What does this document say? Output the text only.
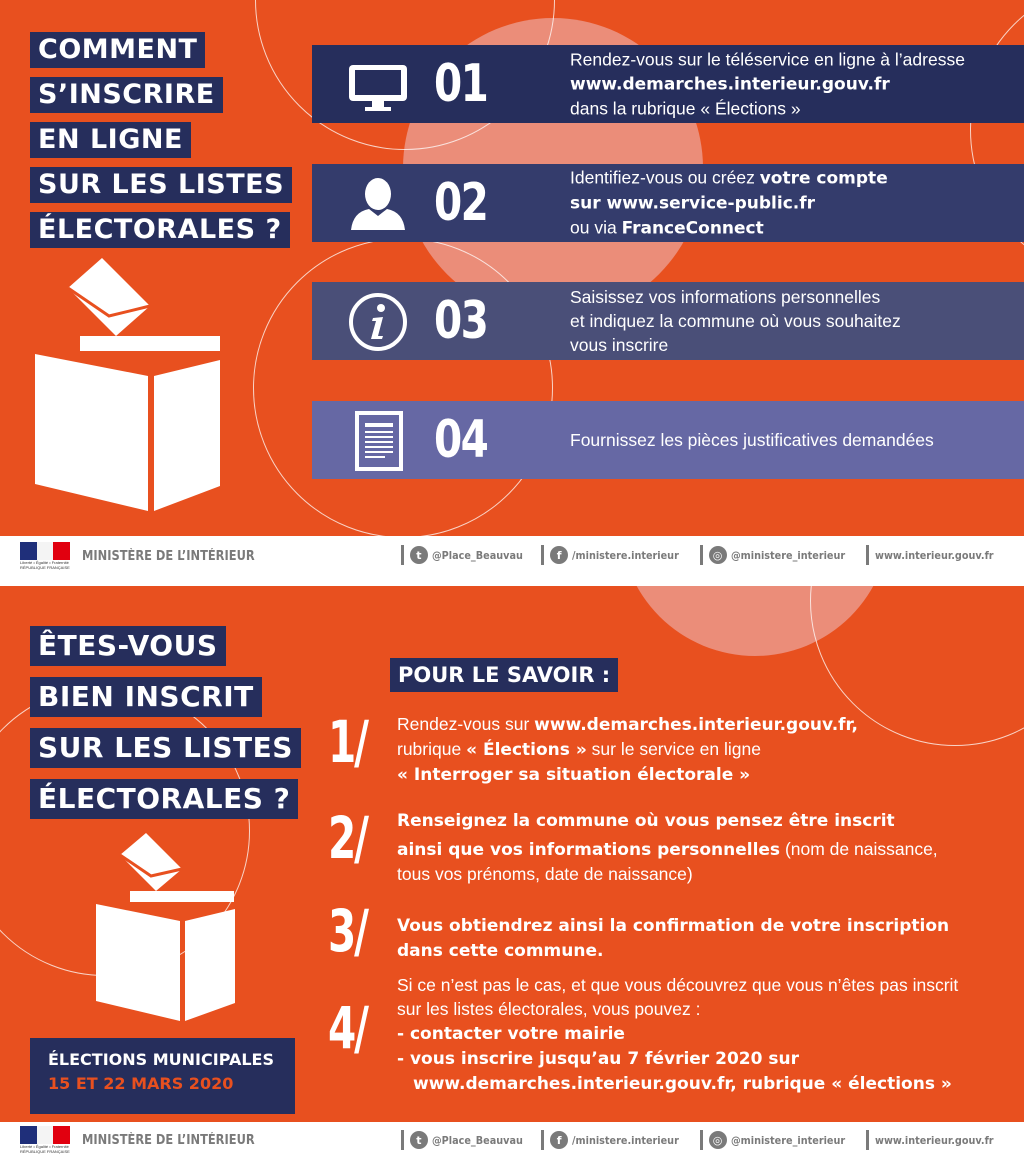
COMMENT
S’INSCRIRE
EN LIGNE
SUR LES LISTES
ÉLECTORALES ?
01	Rendez-vous sur le téléservice en ligne à l’adresse
www.demarches.interieur.gouv.fr
dans la rubrique « Élections »
02	Identifiez-vous ou créez votre compte
sur www.service-public.fr
ou via FranceConnect
03	Saisissez vos informations personnelles
et indiquez la commune où vous souhaitez
vous inscrire
04	Fournissez les pièces justificatives demandées
Liberté • Égalité • Fraternité
RÉPUBLIQUE FRANÇAISE
MINISTÈRE DE L’INTÉRIEUR	t @Place_Beauvau	f /ministere.interieur	◎ @ministere_interieur	www.interieur.gouv.fr
ÊTES-VOUS
BIEN INSCRIT
SUR LES LISTES
ÉLECTORALES ?
ÉLECTIONS MUNICIPALES
15 ET 22 MARS 2020
POUR LE SAVOIR :
1/
2/
3/
4/
Rendez-vous sur www.demarches.interieur.gouv.fr,
rubrique « Élections » sur le service en ligne
« Interroger sa situation électorale »
Renseignez la commune où vous pensez être inscrit
ainsi que vos informations personnelles (nom de naissance,
tous vos prénoms, date de naissance)
Vous obtiendrez ainsi la confirmation de votre inscription
dans cette commune.
Si ce n’est pas le cas, et que vous découvrez que vous n’êtes pas inscrit
sur les listes électorales, vous pouvez :
- contacter votre mairie
- vous inscrire jusqu’au 7 février 2020 sur
www.demarches.interieur.gouv.fr, rubrique « élections »
Liberté • Égalité • Fraternité
RÉPUBLIQUE FRANÇAISE
MINISTÈRE DE L’INTÉRIEUR	t @Place_Beauvau	f /ministere.interieur	◎ @ministere_interieur	www.interieur.gouv.fr
